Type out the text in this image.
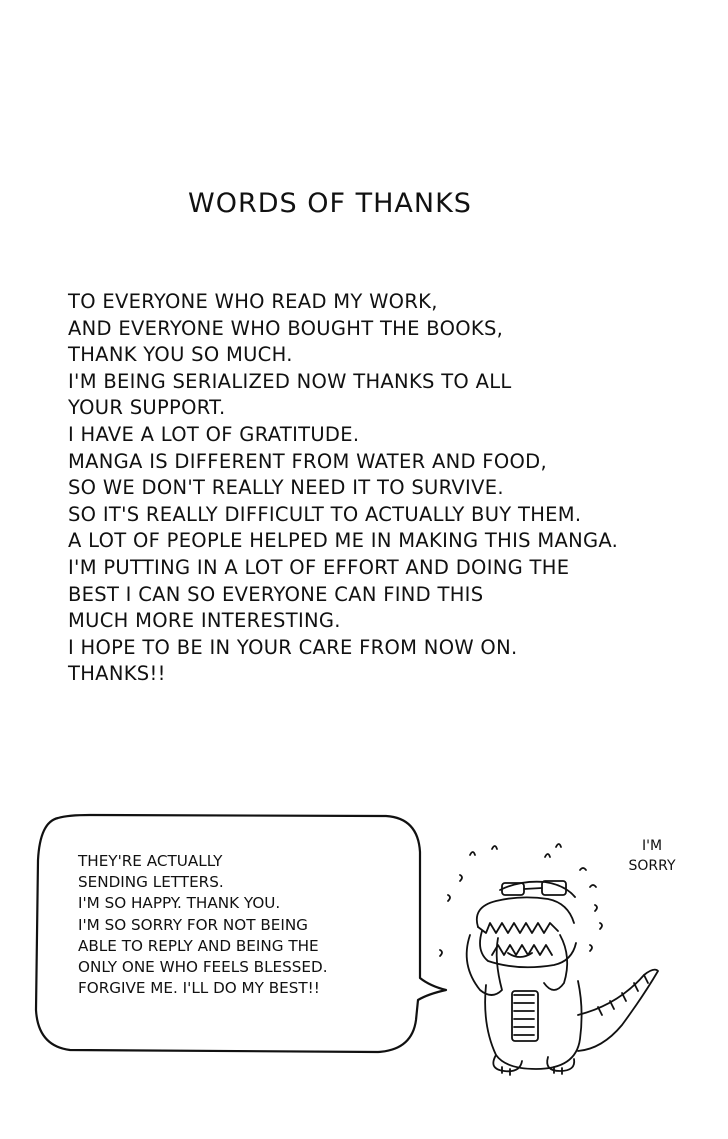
WORDS OF THANKS
TO EVERYONE WHO READ MY WORK,
AND EVERYONE WHO BOUGHT THE BOOKS,
THANK YOU SO MUCH.
I'M BEING SERIALIZED NOW THANKS TO ALL
YOUR SUPPORT.
I HAVE A LOT OF GRATITUDE.
MANGA IS DIFFERENT FROM WATER AND FOOD,
SO WE DON'T REALLY NEED IT TO SURVIVE.
SO IT'S REALLY DIFFICULT TO ACTUALLY BUY THEM.
A LOT OF PEOPLE HELPED ME IN MAKING THIS MANGA.
I'M PUTTING IN A LOT OF EFFORT AND DOING THE
BEST I CAN SO EVERYONE CAN FIND THIS
MUCH MORE INTERESTING.
I HOPE TO BE IN YOUR CARE FROM NOW ON.
THANKS!!
THEY'RE ACTUALLY
SENDING LETTERS.
I'M SO HAPPY. THANK YOU.
I'M SO SORRY FOR NOT BEING
ABLE TO REPLY AND BEING THE
ONLY ONE WHO FEELS BLESSED.
FORGIVE ME. I'LL DO MY BEST!!
I'M
SORRY
